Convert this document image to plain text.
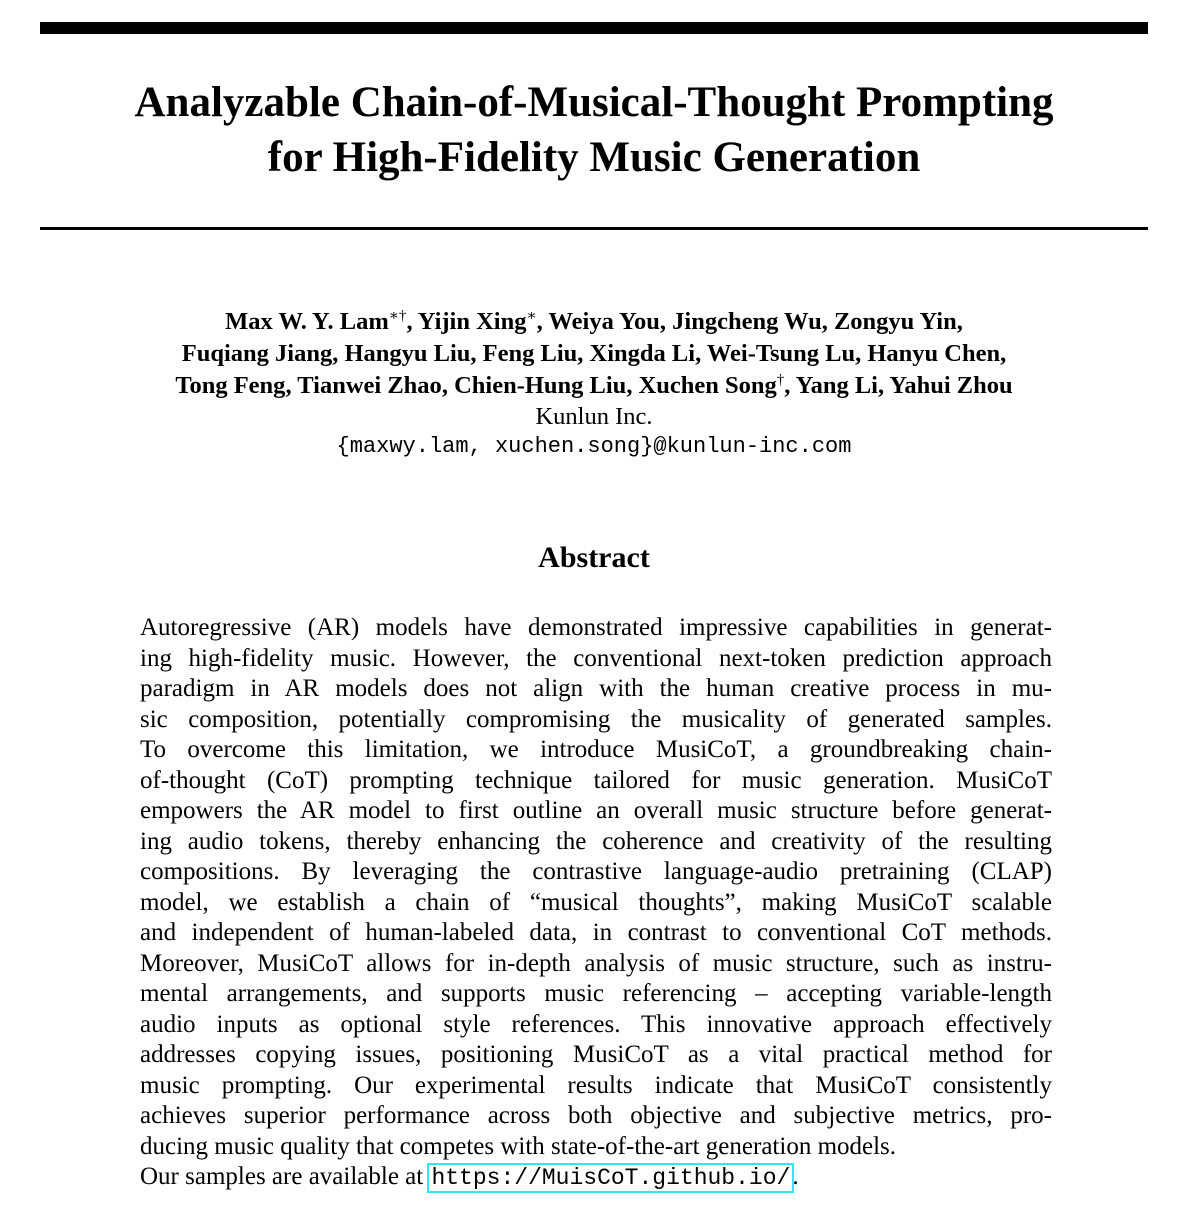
Analyzable Chain-of-Musical-Thought Prompting
for High-Fidelity Music Generation
Max W. Y. Lam∗†, Yijin Xing∗, Weiya You, Jingcheng Wu, Zongyu Yin,
Fuqiang Jiang, Hangyu Liu, Feng Liu, Xingda Li, Wei-Tsung Lu, Hanyu Chen,
Tong Feng, Tianwei Zhao, Chien-Hung Liu, Xuchen Song†, Yang Li, Yahui Zhou
Kunlun Inc.
{maxwy.lam, xuchen.song}@kunlun-inc.com
Abstract
Autoregressive (AR) models have demonstrated impressive capabilities in generat-
ing high-fidelity music. However, the conventional next-token prediction approach
paradigm in AR models does not align with the human creative process in mu-
sic composition, potentially compromising the musicality of generated samples.
To overcome this limitation, we introduce MusiCoT, a groundbreaking chain-
of-thought (CoT) prompting technique tailored for music generation. MusiCoT
empowers the AR model to first outline an overall music structure before generat-
ing audio tokens, thereby enhancing the coherence and creativity of the resulting
compositions. By leveraging the contrastive language-audio pretraining (CLAP)
model, we establish a chain of “musical thoughts”, making MusiCoT scalable
and independent of human-labeled data, in contrast to conventional CoT methods.
Moreover, MusiCoT allows for in-depth analysis of music structure, such as instru-
mental arrangements, and supports music referencing – accepting variable-length
audio inputs as optional style references. This innovative approach effectively
addresses copying issues, positioning MusiCoT as a vital practical method for
music prompting. Our experimental results indicate that MusiCoT consistently
achieves superior performance across both objective and subjective metrics, pro-
ducing music quality that competes with state-of-the-art generation models.
Our samples are available at https://MuisCoT.github.io/.
